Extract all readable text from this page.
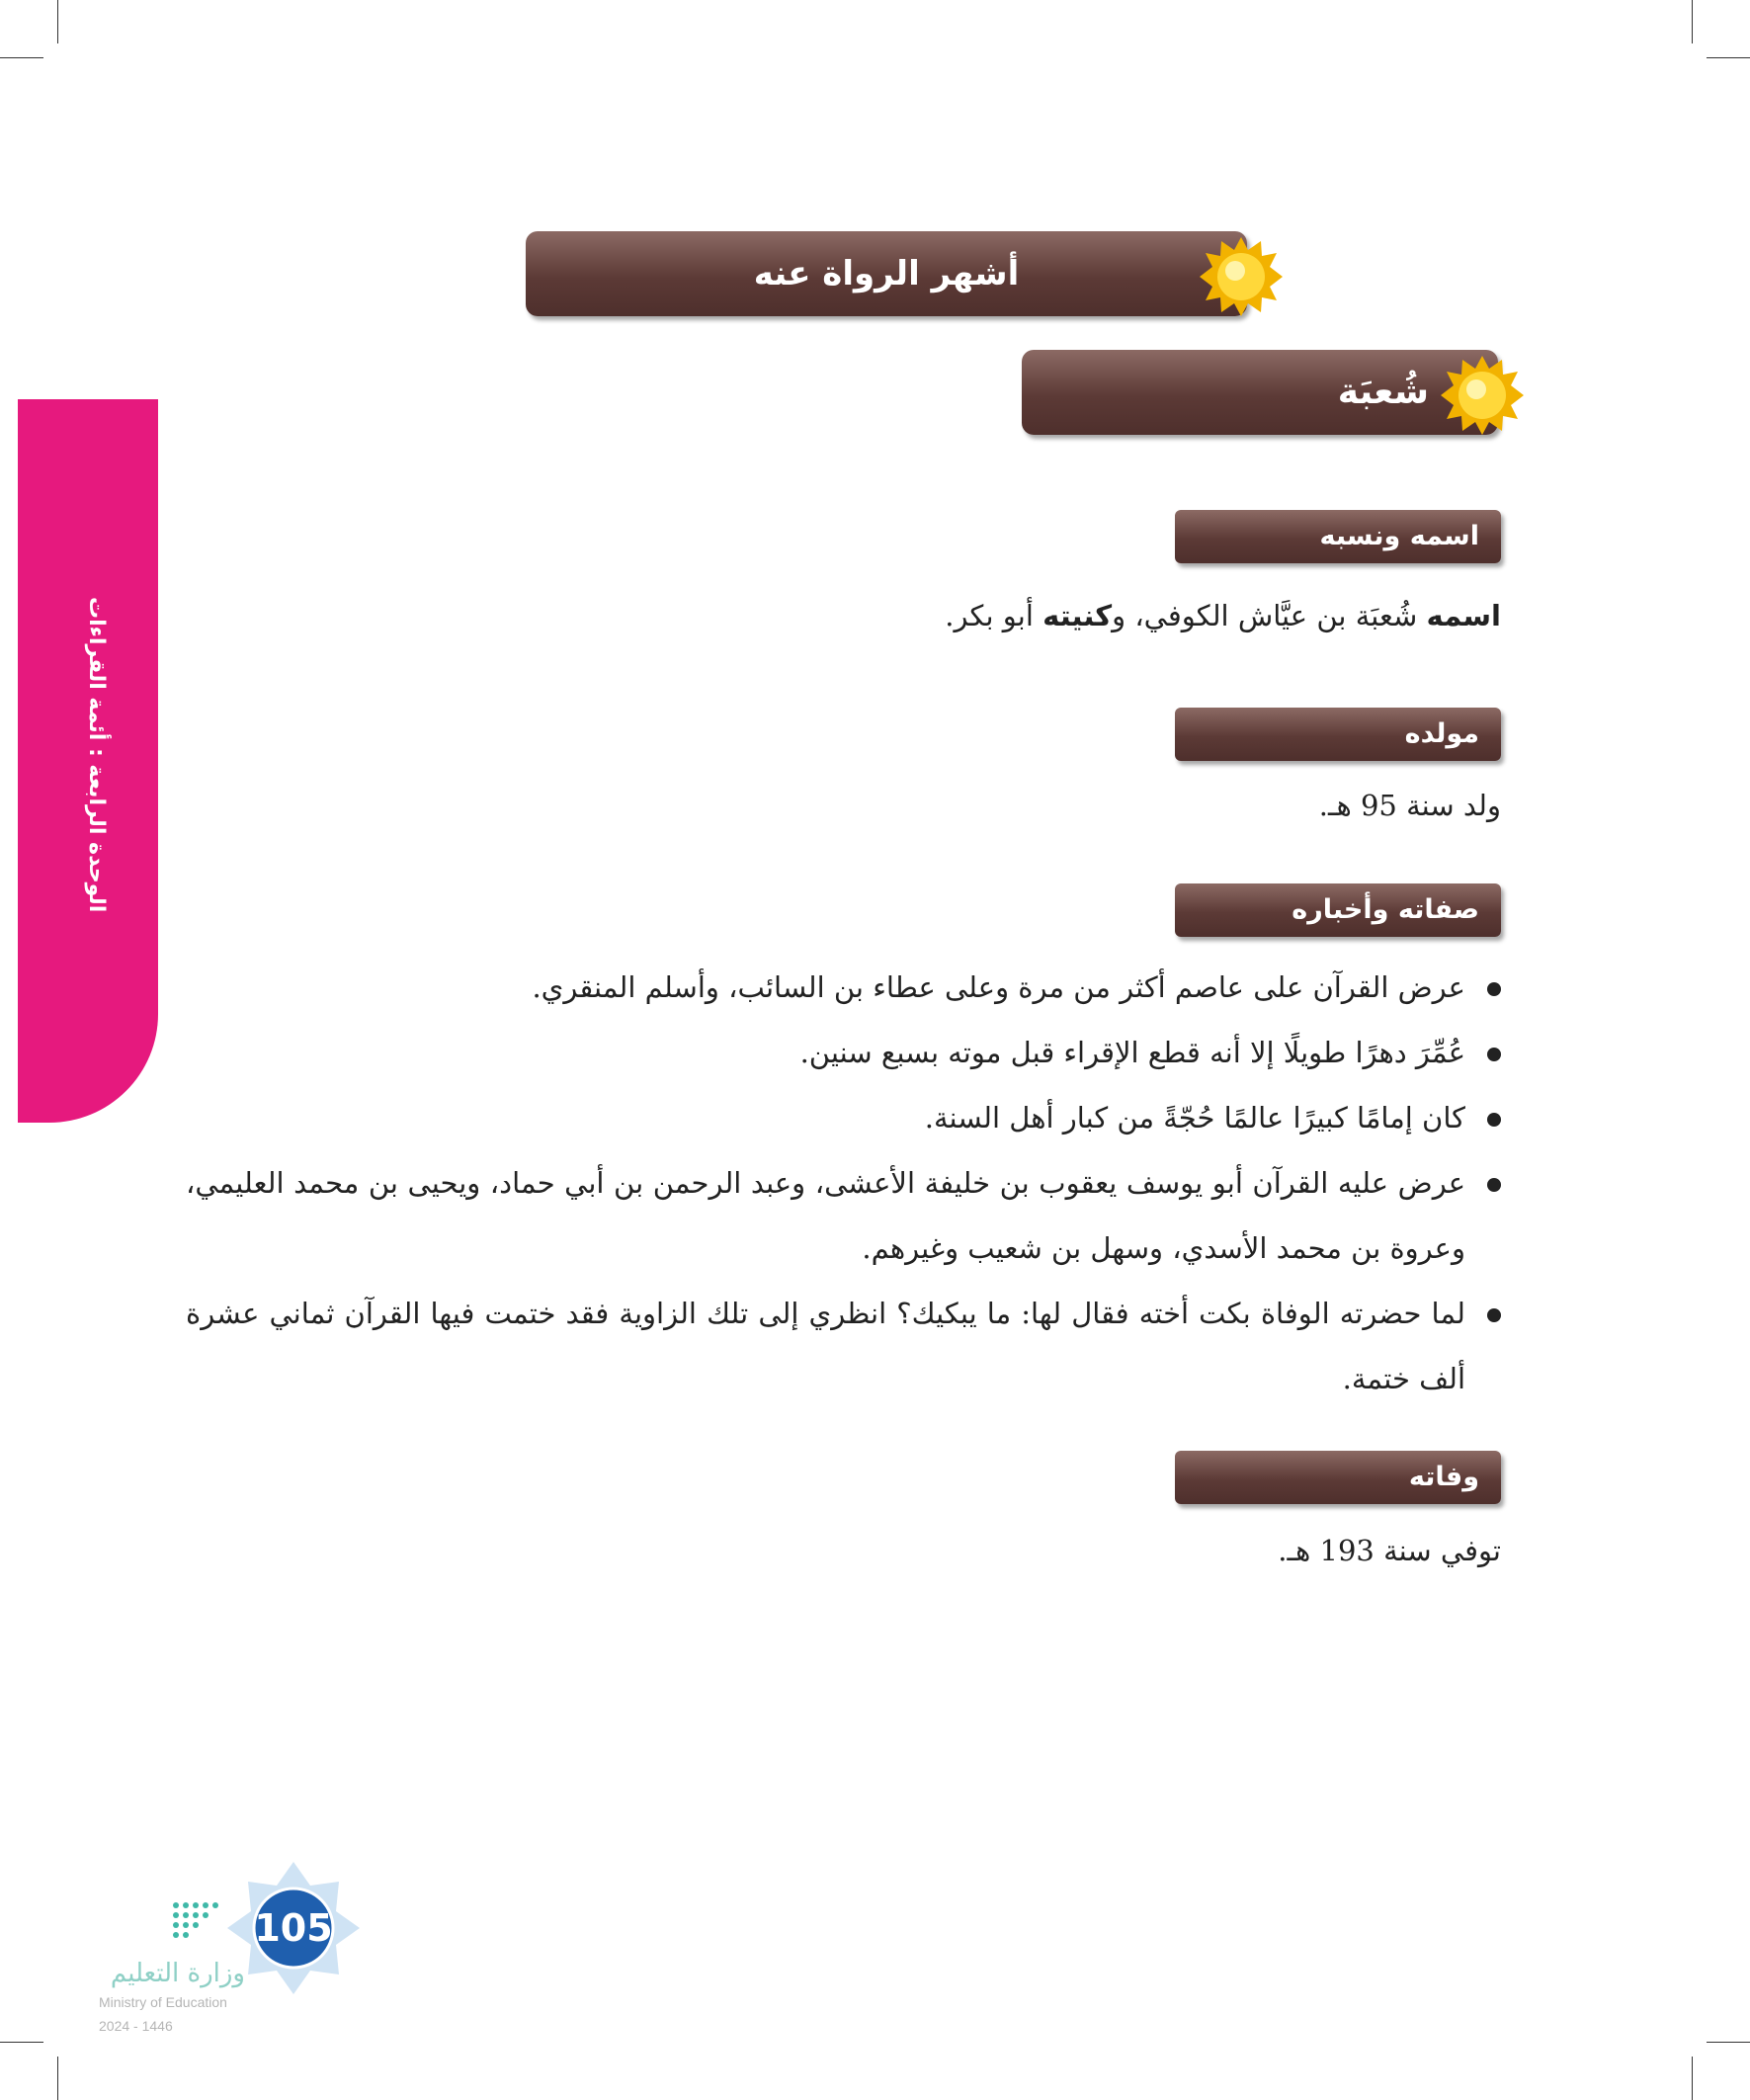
الوحدة الرابعة : أئمة القراءات
أشهر الرواة عنه
شُعبَة
اسمه ونسبه
اسمه شُعبَة بن عيَّاش الكوفي، وكنيته أبو بكر.
مولده
ولد سنة 95 هـ.
صفاته وأخباره
عرض القرآن على عاصم أكثر من مرة وعلى عطاء بن السائب، وأسلم المنقري.
عُمِّرَ دهرًا طويلًا إلا أنه قطع الإقراء قبل موته بسبع سنين.
كان إمامًا كبيرًا عالمًا حُجّةً من كبار أهل السنة.
عرض عليه القرآن أبو يوسف يعقوب بن خليفة الأعشى، وعبد الرحمن بن أبي حماد، ويحيى بن محمد العليمي، وعروة بن محمد الأسدي، وسهل بن شعيب وغيرهم.
لما حضرته الوفاة بكت أخته فقال لها: ما يبكيك؟ انظري إلى تلك الزاوية فقد ختمت فيها القرآن ثماني عشرة ألف ختمة.
وفاته
توفي سنة 193 هـ.
105
وزارة التعليم
Ministry of Education
2024 - 1446
